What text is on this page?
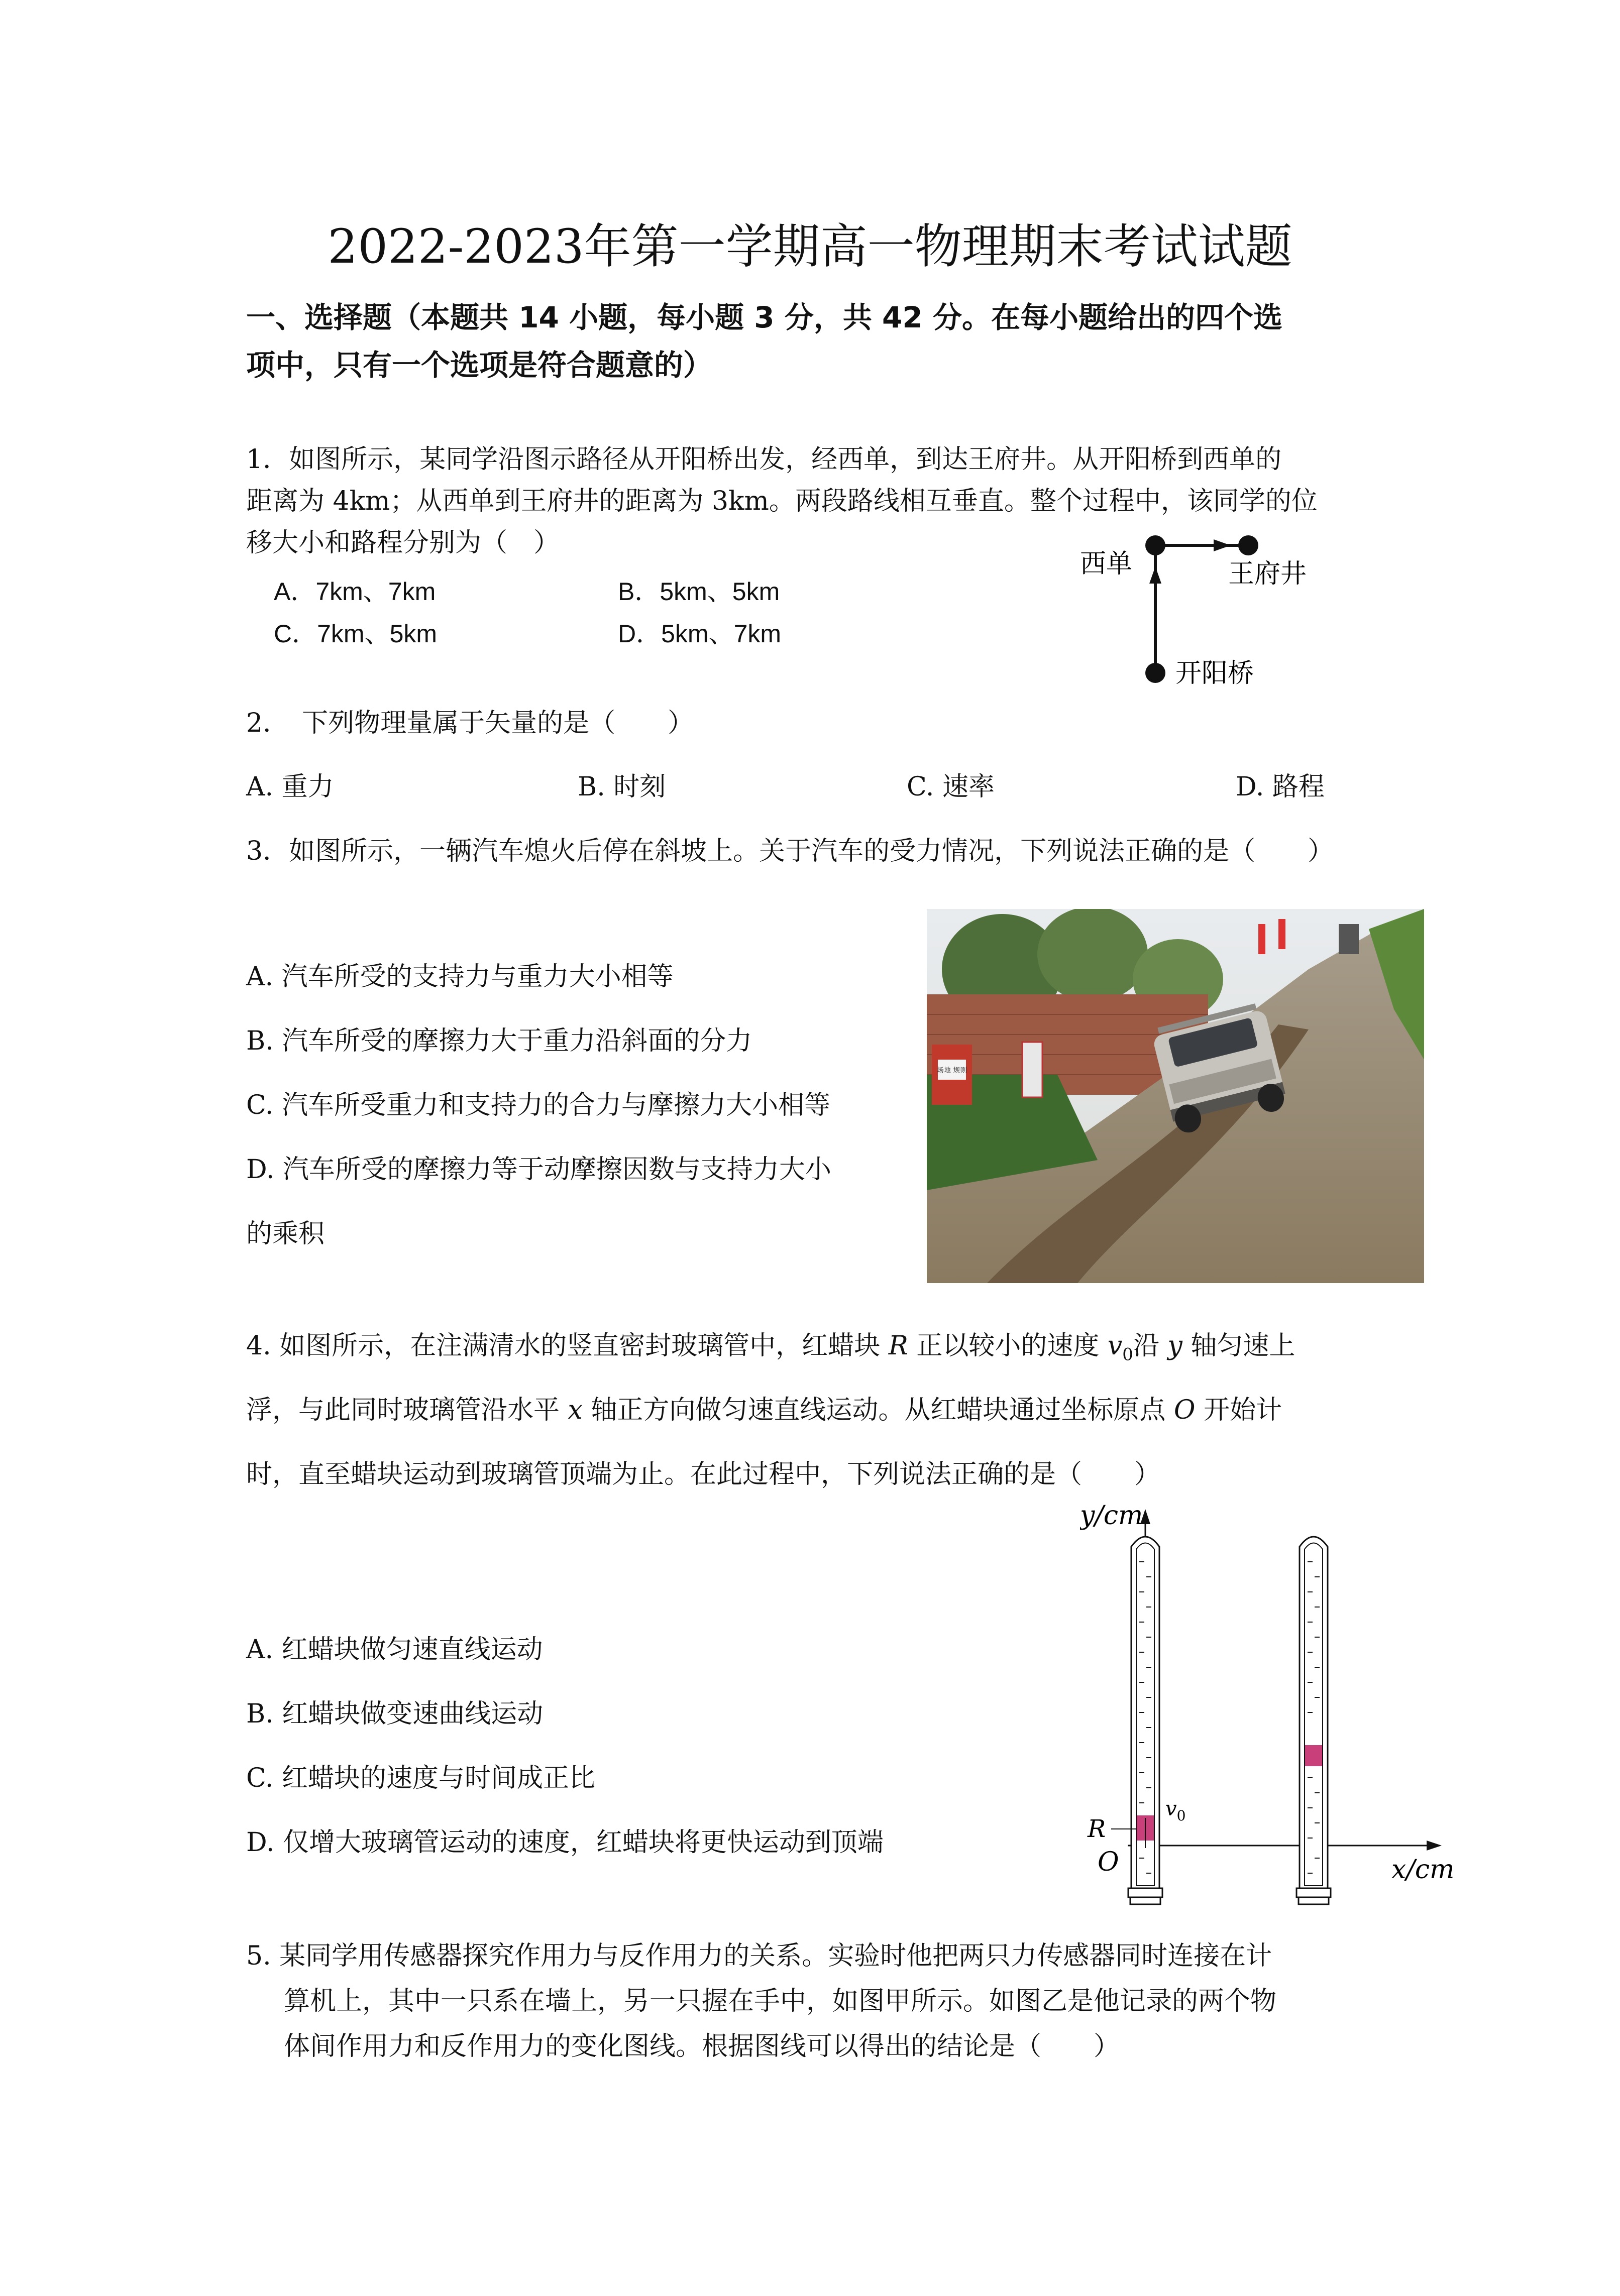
2022-2023年第一学期高一物理期末考试试题
一、选择题（本题共 14 小题，每小题 3 分，共 42 分。在每小题给出的四个选
项中，只有一个选项是符合题意的）
1．如图所示，某同学沿图示路径从开阳桥出发，经西单，到达王府井。从开阳桥到西单的
距离为 4km；从西单到王府井的距离为 3km。两段路线相互垂直。整个过程中，该同学的位
移大小和路程分别为（　）
A．7km、7km	B．5km、5km
C．7km、5km	D．5km、7km
西单	王府井
开阳桥
2．　下列物理量属于矢量的是（　　）
A. 重力	B. 时刻	C. 速率	D. 路程
3．如图所示，一辆汽车熄火后停在斜坡上。关于汽车的受力情况，下列说法正确的是（　　）
A. 汽车所受的支持力与重力大小相等
B. 汽车所受的摩擦力大于重力沿斜面的分力
C. 汽车所受重力和支持力的合力与摩擦力大小相等
D. 汽车所受的摩擦力等于动摩擦因数与支持力大小
的乘积
场地 规则
4. 如图所示，在注满清水的竖直密封玻璃管中，红蜡块 R 正以较小的速度 $v_0$沿 y 轴匀速上
浮，与此同时玻璃管沿水平 x 轴正方向做匀速直线运动。从红蜡块通过坐标原点 O 开始计
时，直至蜡块运动到玻璃管顶端为止。在此过程中，下列说法正确的是（　　）
A. 红蜡块做匀速直线运动
B. 红蜡块做变速曲线运动
C. 红蜡块的速度与时间成正比
D. 仅增大玻璃管运动的速度，红蜡块将更快运动到顶端
y/cm
x/cm
R
$v_0$
O
5. 某同学用传感器探究作用力与反作用力的关系。实验时他把两只力传感器同时连接在计
算机上，其中一只系在墙上，另一只握在手中，如图甲所示。如图乙是他记录的两个物
体间作用力和反作用力的变化图线。根据图线可以得出的结论是（　　）
